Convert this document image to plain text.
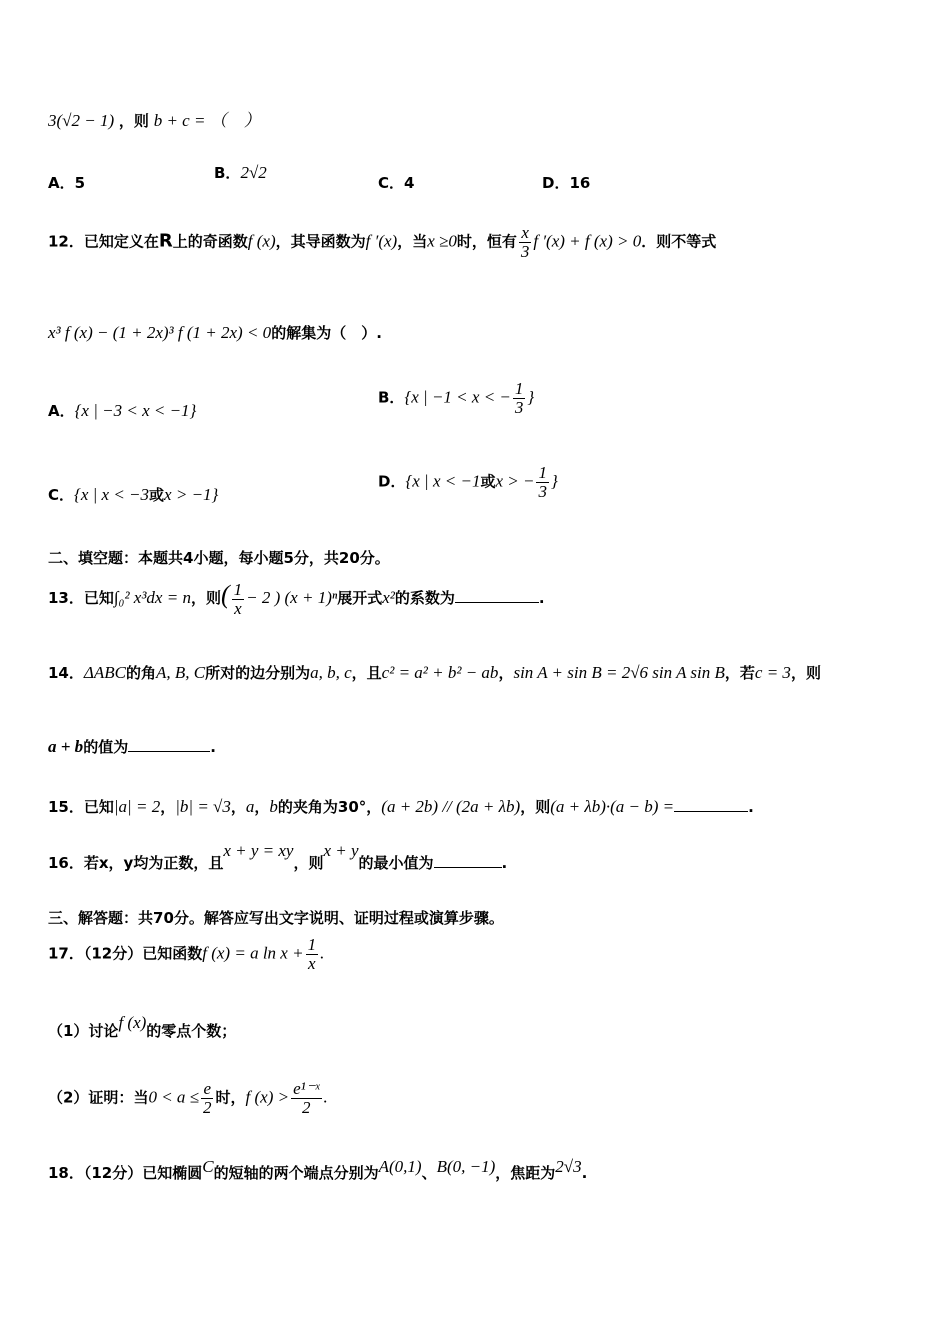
3(√2 − 1) ，则 b + c = （　）
A．5
B．2√2
C．4	D．16
12．已知定义在R上的奇函数f (x)，其导函数为f ′(x)，当x ≥0时，恒有 $\frac{x}{3}$ f ′(x) + f (x) > 0．则不等式
x³ f (x) − (1 + 2x)³ f (1 + 2x) < 0的解集为（　）.
A．{x | −3 < x < −1}
B．{x | −1 < x < − $\frac{1}{3}$ }
C．{x | x < −3或x > −1}
D．{x | x < −1或x > − $\frac{1}{3}$ }
二、填空题：本题共4小题，每小题5分，共20分。
13．已知∫₀² x³dx = n，则( $\frac{1}{x} - 2$ ) (x + 1)ⁿ展开式x²的系数为	.
14．ΔABC的角A, B, C所对的边分别为a, b, c，且c² = a² + b² − ab，sin A + sin B = 2√6 sin A sin B，若c = 3，则
a + b的值为	.
15．已知|a| = 2，|b| = √3，a，b的夹角为30°，(a + 2b) // (2a + λb)，则(a + λb)·(a − b) =	.
16．若x，y均为正数，且x + y = xy，则x + y的最小值为	.
三、解答题：共70分。解答应写出文字说明、证明过程或演算步骤。
17．（12分）已知函数f (x) = a $\ln x + \frac{1}{x}$ .
（1）讨论f (x)的零点个数；
（2）证明：当$0 < a \le \frac{e}{2}$ 时，f $(x) > \frac{\text{e¹⁻ˣ}}{2}$ .
18．（12分）已知椭圆C的短轴的两个端点分别为A(0,1)、B(0, −1)，焦距为2√3.
